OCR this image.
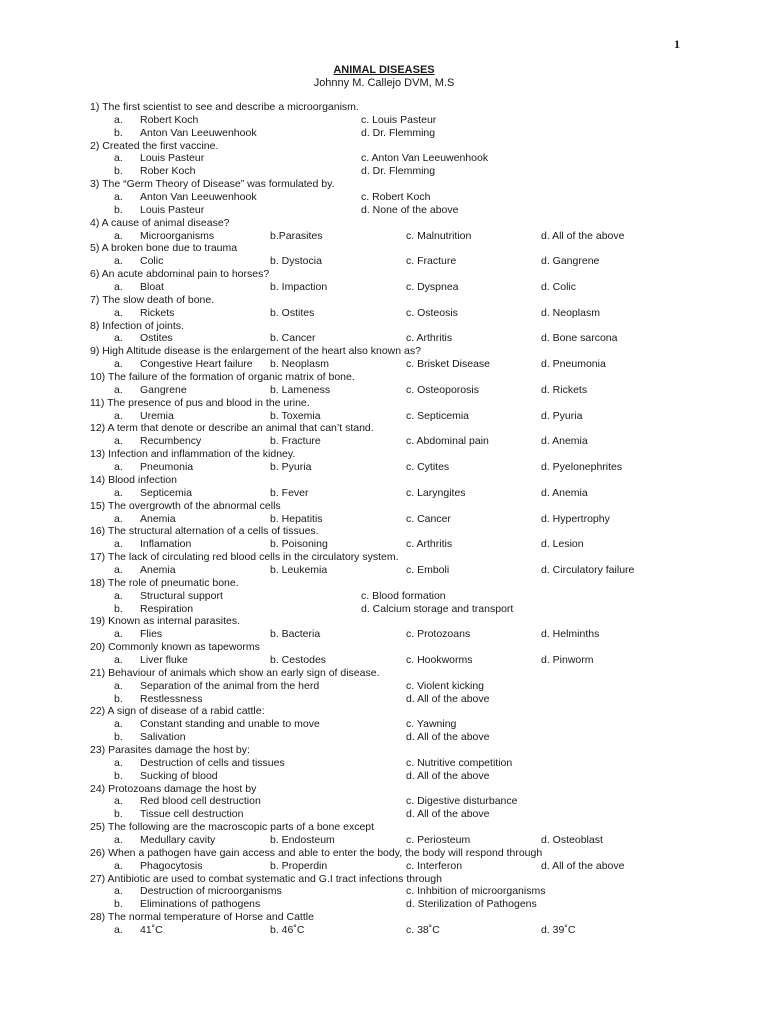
1
ANIMAL DISEASES
Johnny M. Callejo DVM, M.S
1) The first scientist to see and describe a microorganism.
a. Robert Koch	c. Louis Pasteur
b. Anton Van Leeuwenhook	d. Dr. Flemming
2) Created the first vaccine.
a. Louis Pasteur	c. Anton Van Leeuwenhook
b. Rober Koch	d. Dr. Flemming
3) The “Germ Theory of Disease” was formulated by.
a. Anton Van Leeuwenhook	c. Robert Koch
b. Louis Pasteur	d. None of the above
4) A cause of animal disease?
a. Microorganisms	b.Parasites	c. Malnutrition	d. All of the above
5) A broken bone due to trauma
a. Colic	b. Dystocia	c. Fracture	d. Gangrene
6) An acute abdominal pain to horses?
a. Bloat	b. Impaction	c. Dyspnea	d. Colic
7) The slow death of bone.
a. Rickets	b. Ostites	c. Osteosis	d. Neoplasm
8) Infection of joints.
a. Ostites	b. Cancer	c. Arthritis	d. Bone sarcona
9) High Altitude disease is the enlargement of the heart also known as?
a. Congestive Heart failure b. Neoplasm	c. Brisket Disease	d. Pneumonia
10) The failure of the formation of organic matrix of bone.
a. Gangrene	b. Lameness	c. Osteoporosis	d. Rickets
11) The presence of pus and blood in the urine.
a. Uremia	b. Toxemia	c. Septicemia	d. Pyuria
12) A term that denote or describe an animal that can’t stand.
a. Recumbency	b. Fracture	c. Abdominal pain	d. Anemia
13) Infection and inflammation of the kidney.
a. Pneumonia	b. Pyuria	c. Cytites	d. Pyelonephrites
14) Blood infection
a. Septicemia	b. Fever	c. Laryngites	d. Anemia
15) The overgrowth of the abnormal cells
a. Anemia	b. Hepatitis	c. Cancer	d. Hypertrophy
16) The structural alternation of a cells of tissues.
a. Inflamation	b. Poisoning	c. Arthritis	d. Lesion
17) The lack of circulating red blood cells in the circulatory system.
a. Anemia	b. Leukemia	c. Emboli	d. Circulatory failure
18) The role of pneumatic bone.
a. Structural support	c. Blood formation
b. Respiration	d. Calcium storage and transport
19) Known as internal parasites.
a. Flies	b. Bacteria	c. Protozoans	d. Helminths
20) Commonly known as tapeworms
a. Liver fluke	b. Cestodes	c. Hookworms	d. Pinworm
21) Behaviour of animals which show an early sign of disease.
a. Separation of the animal from the herd	c. Violent kicking
b. Restlessness	d. All of the above
22) A sign of disease of a rabid cattle:
a. Constant standing and unable to move	c. Yawning
b. Salivation	d. All of the above
23) Parasites damage the host by:
a. Destruction of cells and tissues	c. Nutritive competition
b. Sucking of blood	d. All of the above
24) Protozoans damage the host by
a. Red blood cell destruction	c. Digestive disturbance
b. Tissue cell destruction	d. All of the above
25) The following are the macroscopic parts of a bone except
a. Medullary cavity	b. Endosteum	c. Periosteum	d. Osteoblast
26) When a pathogen have gain access and able to enter the body, the body will respond through
a. Phagocytosis	b. Properdin	c. Interferon	d. All of the above
27) Antibiotic are used to combat systematic and G.I tract infections through
a. Destruction of microorganisms	c. Inhbition of microorganisms
b. Eliminations of pathogens	d. Sterilization of Pathogens
28) The normal temperature of Horse and Cattle
a. 41˚C	b. 46˚C	c. 38˚C	d. 39˚C
